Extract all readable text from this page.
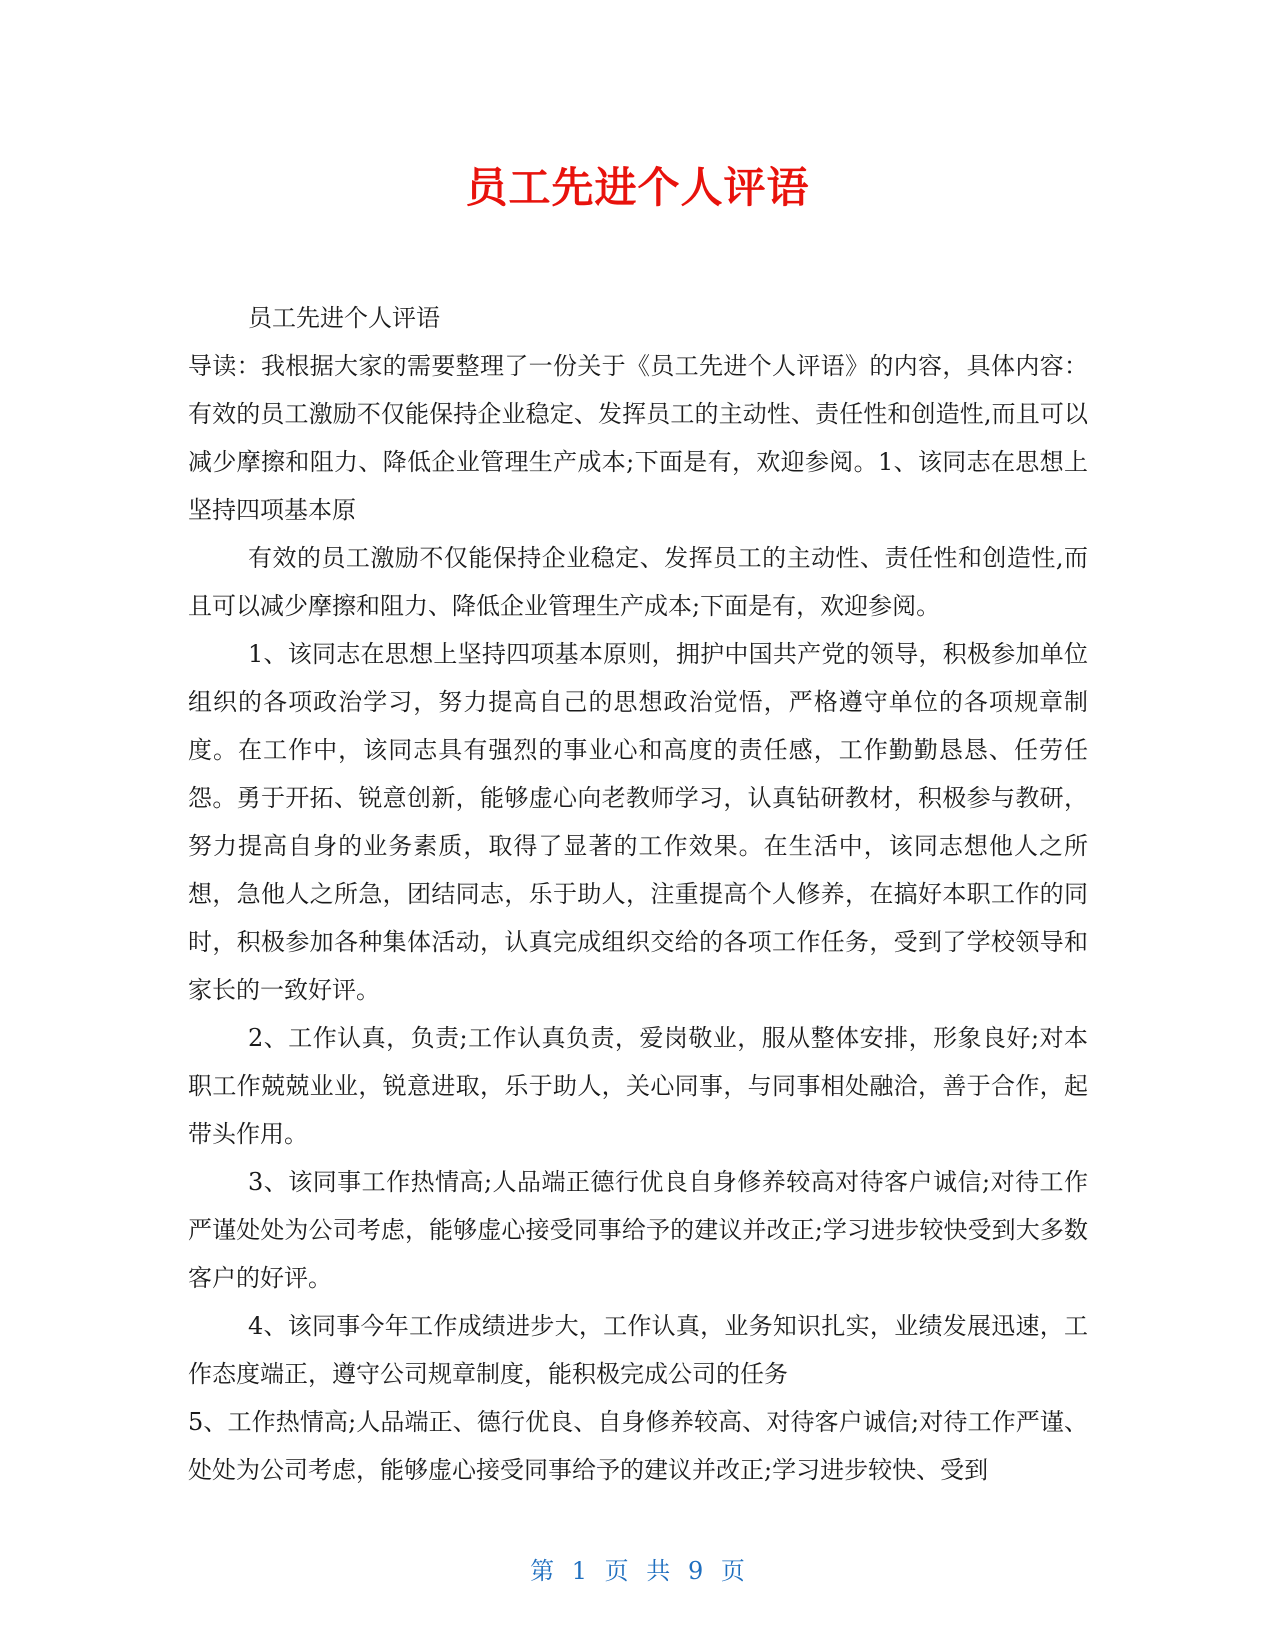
员工先进个人评语

员工先进个人评语

导读：我根据大家的需要整理了一份关于《员工先进个人评语》的内容，具体内容：有效的员工激励不仅能保持企业稳定、发挥员工的主动性、责任性和创造性,而且可以减少摩擦和阻力、降低企业管理生产成本;下面是有，欢迎参阅。1、该同志在思想上坚持四项基本原

有效的员工激励不仅能保持企业稳定、发挥员工的主动性、责任性和创造性,而且可以减少摩擦和阻力、降低企业管理生产成本;下面是有，欢迎参阅。

1、该同志在思想上坚持四项基本原则，拥护中国共产党的领导，积极参加单位组织的各项政治学习，努力提高自己的思想政治觉悟，严格遵守单位的各项规章制度。在工作中，该同志具有强烈的事业心和高度的责任感，工作勤勤恳恳、任劳任怨。勇于开拓、锐意创新，能够虚心向老教师学习，认真钻研教材，积极参与教研，努力提高自身的业务素质，取得了显著的工作效果。在生活中，该同志想他人之所想，急他人之所急，团结同志，乐于助人，注重提高个人修养，在搞好本职工作的同时，积极参加各种集体活动，认真完成组织交给的各项工作任务，受到了学校领导和家长的一致好评。

2、工作认真，负责;工作认真负责，爱岗敬业，服从整体安排，形象良好;对本职工作兢兢业业，锐意进取，乐于助人，关心同事，与同事相处融洽，善于合作，起带头作用。

3、该同事工作热情高;人品端正德行优良自身修养较高对待客户诚信;对待工作严谨处处为公司考虑，能够虚心接受同事给予的建议并改正;学习进步较快受到大多数客户的好评。

4、该同事今年工作成绩进步大，工作认真，业务知识扎实，业绩发展迅速，工作态度端正，遵守公司规章制度，能积极完成公司的任务

5、工作热情高;人品端正、德行优良、自身修养较高、对待客户诚信;对待工作严谨、处处为公司考虑，能够虚心接受同事给予的建议并改正;学习进步较快、受到

第 1 页 共 9 页
